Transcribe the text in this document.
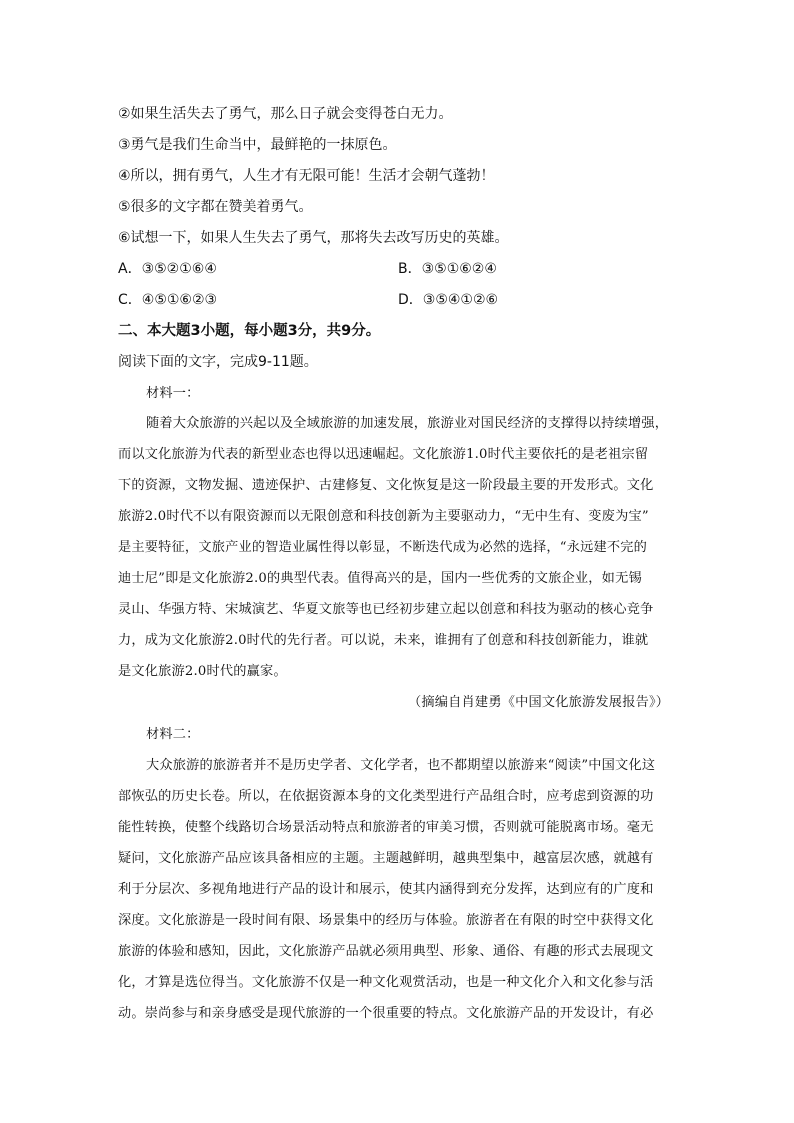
②如果生活失去了勇气，那么日子就会变得苍白无力。
③勇气是我们生命当中，最鲜艳的一抹原色。
④所以，拥有勇气，人生才有无限可能！生活才会朝气蓬勃！
⑤很多的文字都在赞美着勇气。
⑥试想一下，如果人生失去了勇气，那将失去改写历史的英雄。
A．③⑤②①⑥④	B．③⑤①⑥②④
C．④⑤①⑥②③	D．③⑤④①②⑥
二、本大题3小题，每小题3分，共9分。
阅读下面的文字，完成9-11题。
材料一：
随着大众旅游的兴起以及全域旅游的加速发展，旅游业对国民经济的支撑得以持续增强，
而以文化旅游为代表的新型业态也得以迅速崛起。文化旅游1.0时代主要依托的是老祖宗留
下的资源，文物发掘、遗迹保护、古建修复、文化恢复是这一阶段最主要的开发形式。文化
旅游2.0时代不以有限资源而以无限创意和科技创新为主要驱动力，“无中生有、变废为宝”
是主要特征，文旅产业的智造业属性得以彰显，不断迭代成为必然的选择，“永远建不完的
迪士尼”即是文化旅游2.0的典型代表。值得高兴的是，国内一些优秀的文旅企业，如无锡
灵山、华强方特、宋城演艺、华夏文旅等也已经初步建立起以创意和科技为驱动的核心竞争
力，成为文化旅游2.0时代的先行者。可以说，未来，谁拥有了创意和科技创新能力，谁就
是文化旅游2.0时代的赢家。
（摘编自肖建勇《中国文化旅游发展报告》）
材料二：
大众旅游的旅游者并不是历史学者、文化学者，也不都期望以旅游来“阅读”中国文化这
部恢弘的历史长卷。所以，在依据资源本身的文化类型进行产品组合时，应考虑到资源的功
能性转换，使整个线路切合场景活动特点和旅游者的审美习惯，否则就可能脱离市场。毫无
疑问，文化旅游产品应该具备相应的主题。主题越鲜明，越典型集中，越富层次感，就越有
利于分层次、多视角地进行产品的设计和展示，使其内涵得到充分发挥，达到应有的广度和
深度。文化旅游是一段时间有限、场景集中的经历与体验。旅游者在有限的时空中获得文化
旅游的体验和感知，因此，文化旅游产品就必须用典型、形象、通俗、有趣的形式去展现文
化，才算是选位得当。文化旅游不仅是一种文化观赏活动，也是一种文化介入和文化参与活
动。崇尚参与和亲身感受是现代旅游的一个很重要的特点。文化旅游产品的开发设计，有必
